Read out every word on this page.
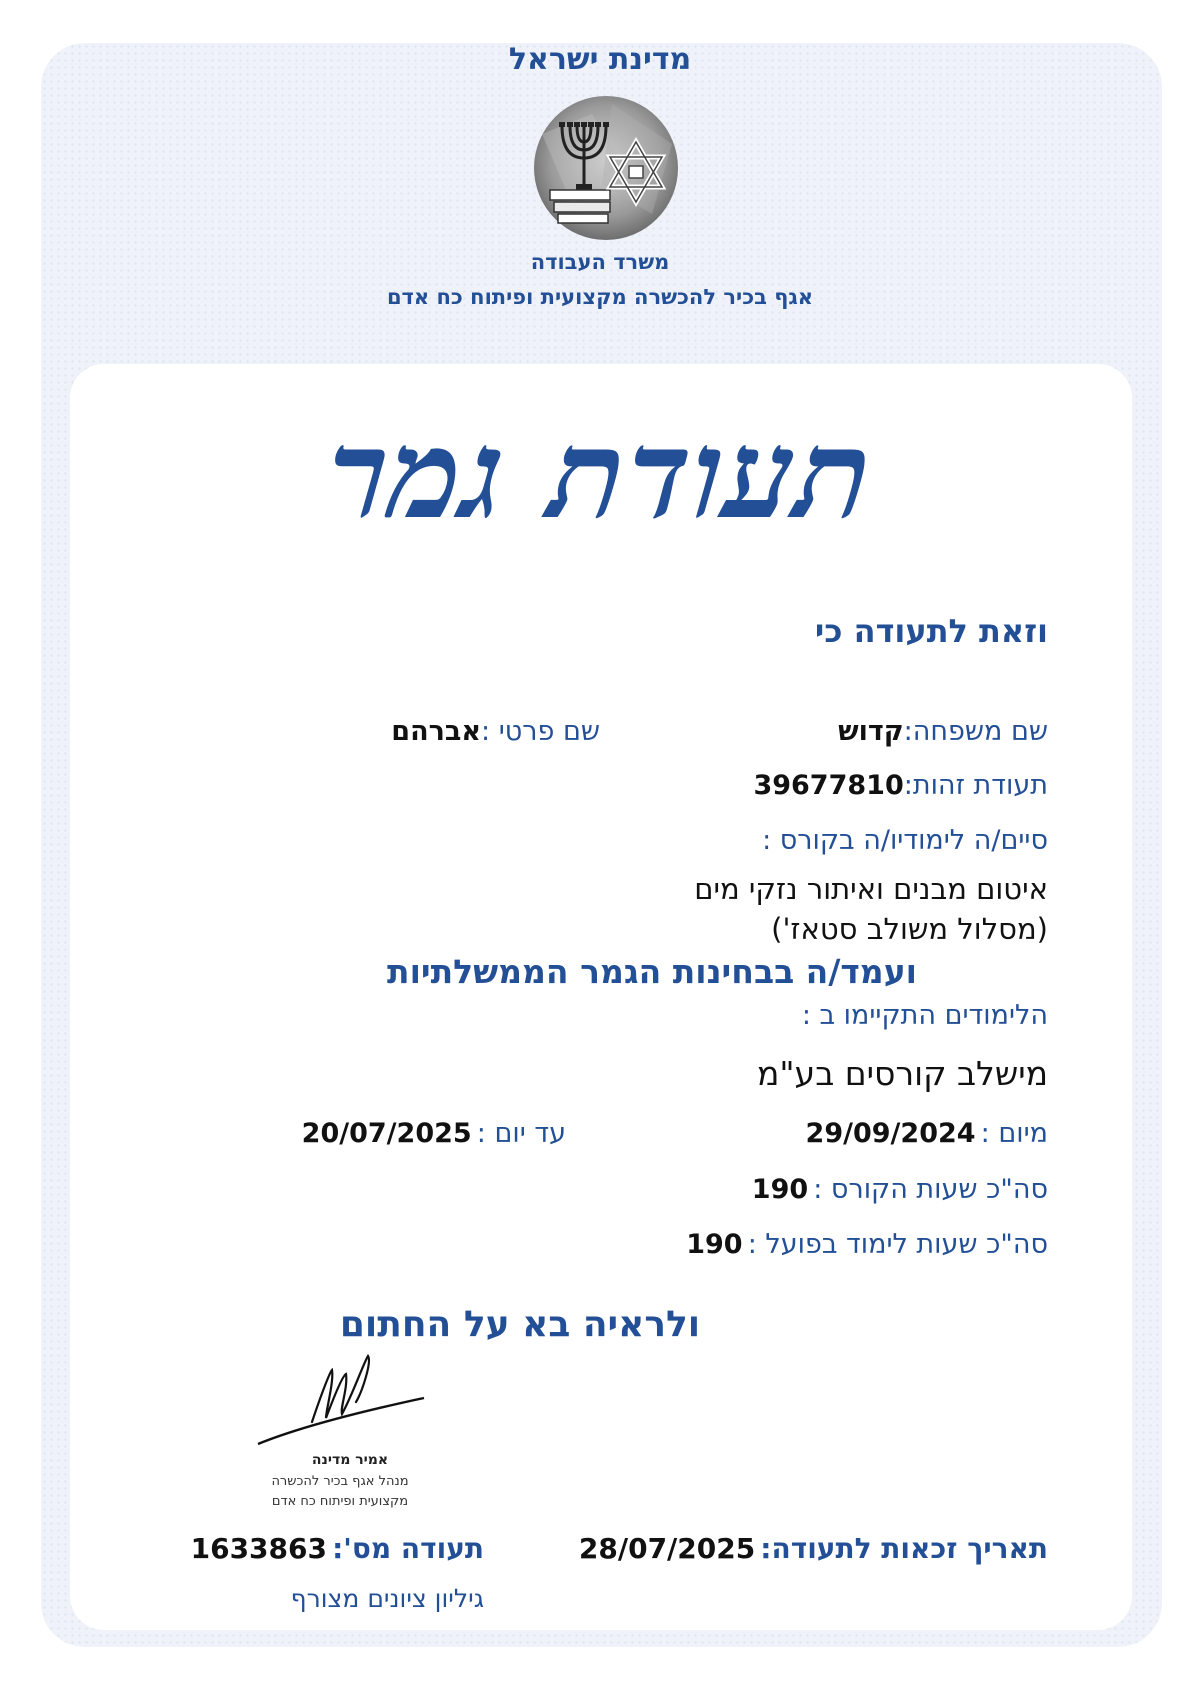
מדינת ישראל
משרד העבודה
אגף בכיר להכשרה מקצועית ופיתוח כח אדם
תעודת גמר
וזאת לתעודה כי
שם משפחה:קדוש
שם פרטי :אברהם
תעודת זהות:39677810
סיים/ה לימודיו/ה בקורס :
איטום מבנים ואיתור נזקי מים
(מסלול משולב סטאז')
ועמד/ה בבחינות הגמר הממשלתיות
הלימודים התקיימו ב :
מישלב קורסים בע"מ
מיום : 29/09/2024
עד יום : 20/07/2025
סה"כ שעות הקורס : 190
סה"כ שעות לימוד בפועל : 190
ולראיה בא על החתום
אמיר מדינה
מנהל אגף בכיר להכשרה
מקצועית ופיתוח כח אדם
תאריך זכאות לתעודה: 28/07/2025
תעודה מס': 1633863
גיליון ציונים מצורף
